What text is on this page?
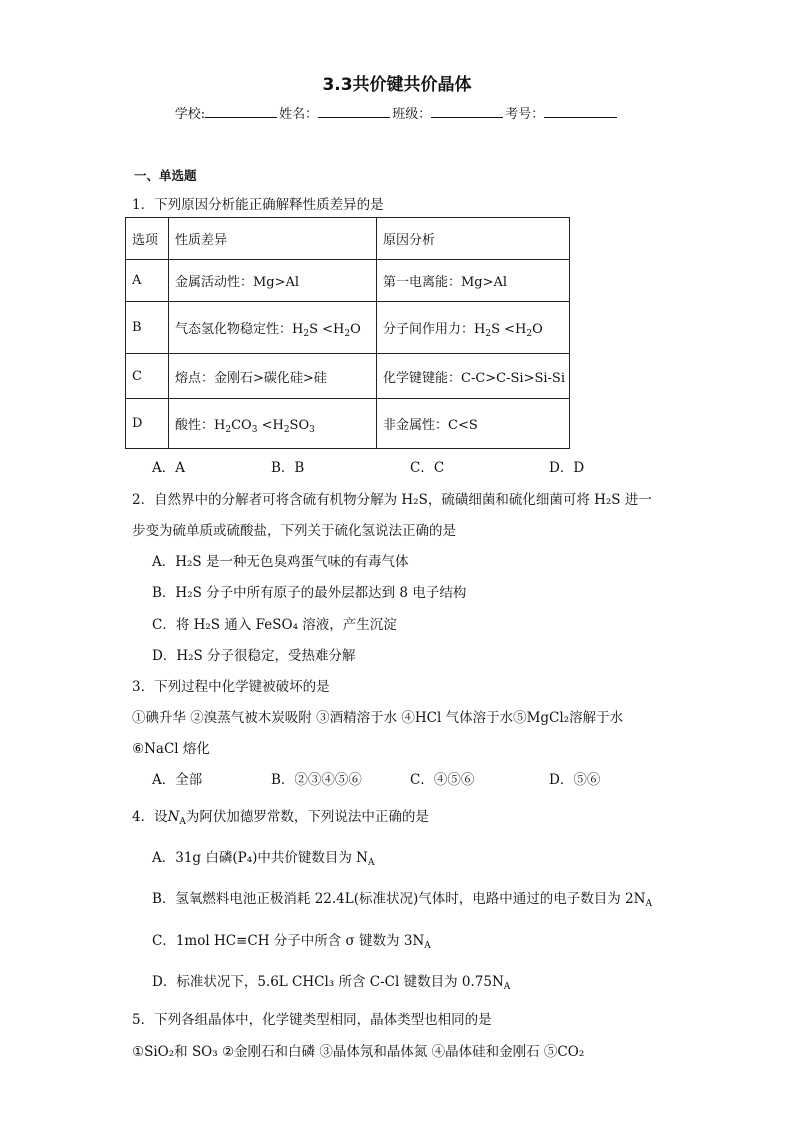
3.3共价键共价晶体
学校:	姓名：	班级：	考号：
一、单选题
1．下列原因分析能正确解释性质差异的是
选项	性质差异	原因分析
A	金属活动性：Mg>Al	第一电离能：Mg>Al
B	气态氢化物稳定性：$H_2S <H_2O$	分子间作用力：$H_2S <H_2O$
C	熔点：金刚石>碳化硅>硅	化学键键能：C-C>C-Si>Si-Si
D	酸性：$H_2CO_3 <H_2SO_3$	非金属性：C<S
A．A	B．B	C．C	D．D
2．自然界中的分解者可将含硫有机物分解为 H₂S，硫磺细菌和硫化细菌可将 H₂S 进一
步变为硫单质或硫酸盐，下列关于硫化氢说法正确的是
A．H₂S 是一种无色臭鸡蛋气味的有毒气体
B．H₂S 分子中所有原子的最外层都达到 8 电子结构
C．将 H₂S 通入 FeSO₄ 溶液，产生沉淀
D．H₂S 分子很稳定，受热难分解
3．下列过程中化学键被破坏的是
①碘升华 ②溴蒸气被木炭吸附 ③酒精溶于水 ④HCl 气体溶于水⑤MgCl₂溶解于水
⑥NaCl 熔化
A．全部	B．②③④⑤⑥	C．④⑤⑥	D．⑤⑥
4．设$N_A$为阿伏加德罗常数，下列说法中正确的是
A．31g 白磷(P₄)中共价键数目为 $N_A$
B．氢氧燃料电池正极消耗 22.4L(标准状况)气体时，电路中通过的电子数目为 $2N_A$
C．1mol HC≡CH 分子中所含 σ 键数为 $3N_A$
D．标准状况下，5.6L CHCl₃ 所含 C-Cl 键数目为 $0.75N_A$
5．下列各组晶体中，化学键类型相同，晶体类型也相同的是
①SiO₂和 SO₃ ②金刚石和白磷 ③晶体氖和晶体氮 ④晶体硅和金刚石 ⑤CO₂
